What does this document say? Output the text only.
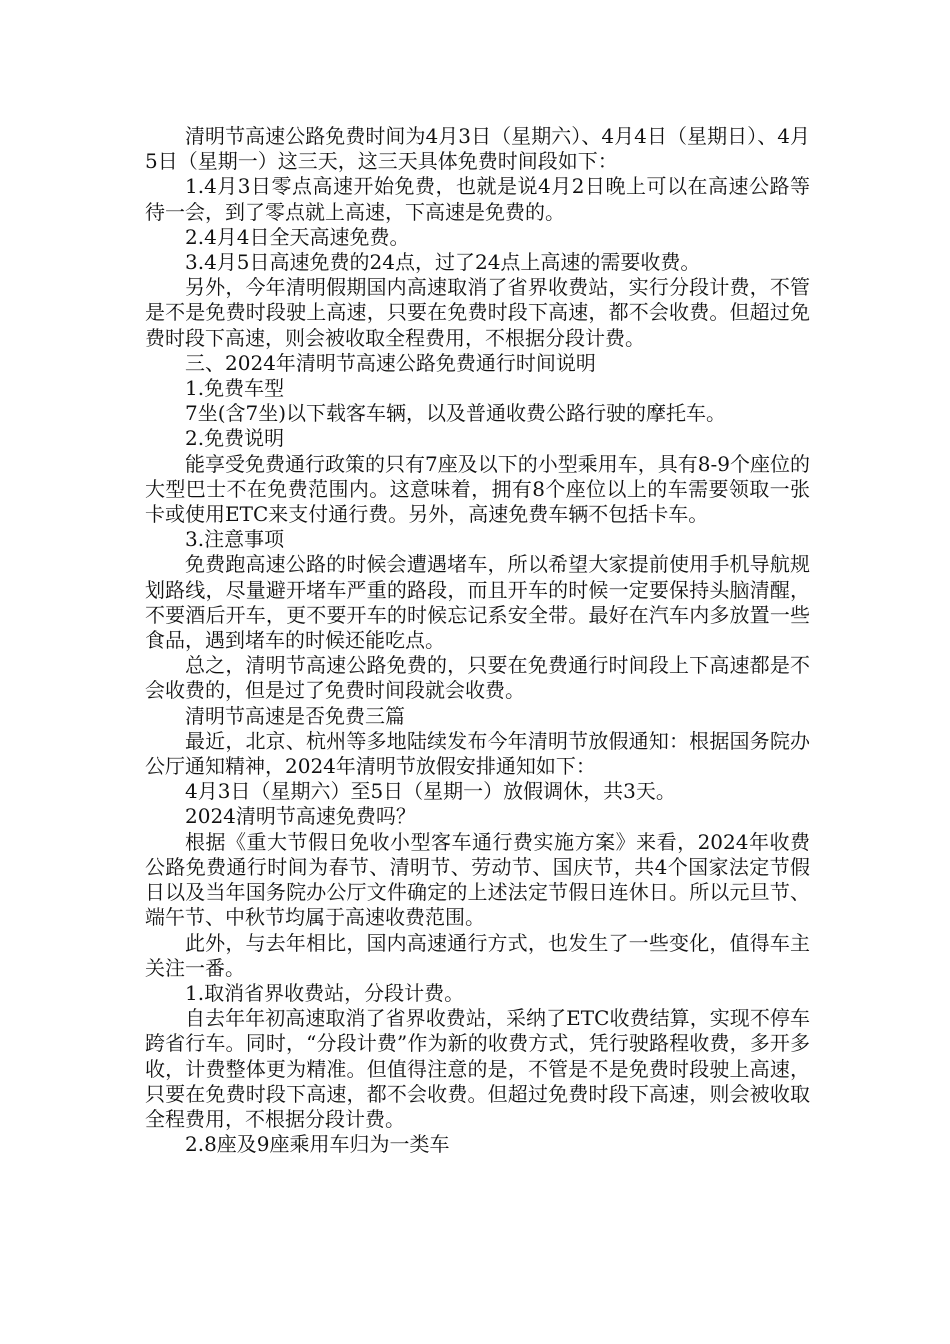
清明节高速公路免费时间为4月3日（星期六）、4月4日（星期日）、4月5日（星期一）这三天，这三天具体免费时间段如下：

1.4月3日零点高速开始免费，也就是说4月2日晚上可以在高速公路等待一会，到了零点就上高速，下高速是免费的。

2.4月4日全天高速免费。

3.4月5日高速免费的24点，过了24点上高速的需要收费。

另外，今年清明假期国内高速取消了省界收费站，实行分段计费，不管是不是免费时段驶上高速，只要在免费时段下高速，都不会收费。但超过免费时段下高速，则会被收取全程费用，不根据分段计费。

三、2024年清明节高速公路免费通行时间说明

1.免费车型

7坐(含7坐)以下载客车辆，以及普通收费公路行驶的摩托车。

2.免费说明

能享受免费通行政策的只有7座及以下的小型乘用车，具有8-9个座位的大型巴士不在免费范围内。这意味着，拥有8个座位以上的车需要领取一张卡或使用ETC来支付通行费。另外，高速免费车辆不包括卡车。

3.注意事项

免费跑高速公路的时候会遭遇堵车，所以希望大家提前使用手机导航规划路线，尽量避开堵车严重的路段，而且开车的时候一定要保持头脑清醒，不要酒后开车，更不要开车的时候忘记系安全带。最好在汽车内多放置一些食品，遇到堵车的时候还能吃点。

总之，清明节高速公路免费的，只要在免费通行时间段上下高速都是不会收费的，但是过了免费时间段就会收费。

清明节高速是否免费三篇

最近，北京、杭州等多地陆续发布今年清明节放假通知：根据国务院办公厅通知精神，2024年清明节放假安排通知如下：

4月3日（星期六）至5日（星期一）放假调休，共3天。

2024清明节高速免费吗？

根据《重大节假日免收小型客车通行费实施方案》来看，2024年收费公路免费通行时间为春节、清明节、劳动节、国庆节，共4个国家法定节假日以及当年国务院办公厅文件确定的上述法定节假日连休日。所以元旦节、端午节、中秋节均属于高速收费范围。

此外，与去年相比，国内高速通行方式，也发生了一些变化，值得车主关注一番。

1.取消省界收费站，分段计费。

自去年年初高速取消了省界收费站，采纳了ETC收费结算，实现不停车跨省行车。同时，“分段计费”作为新的收费方式，凭行驶路程收费，多开多收，计费整体更为精准。但值得注意的是，不管是不是免费时段驶上高速，只要在免费时段下高速，都不会收费。但超过免费时段下高速，则会被收取全程费用，不根据分段计费。

2.8座及9座乘用车归为一类车
